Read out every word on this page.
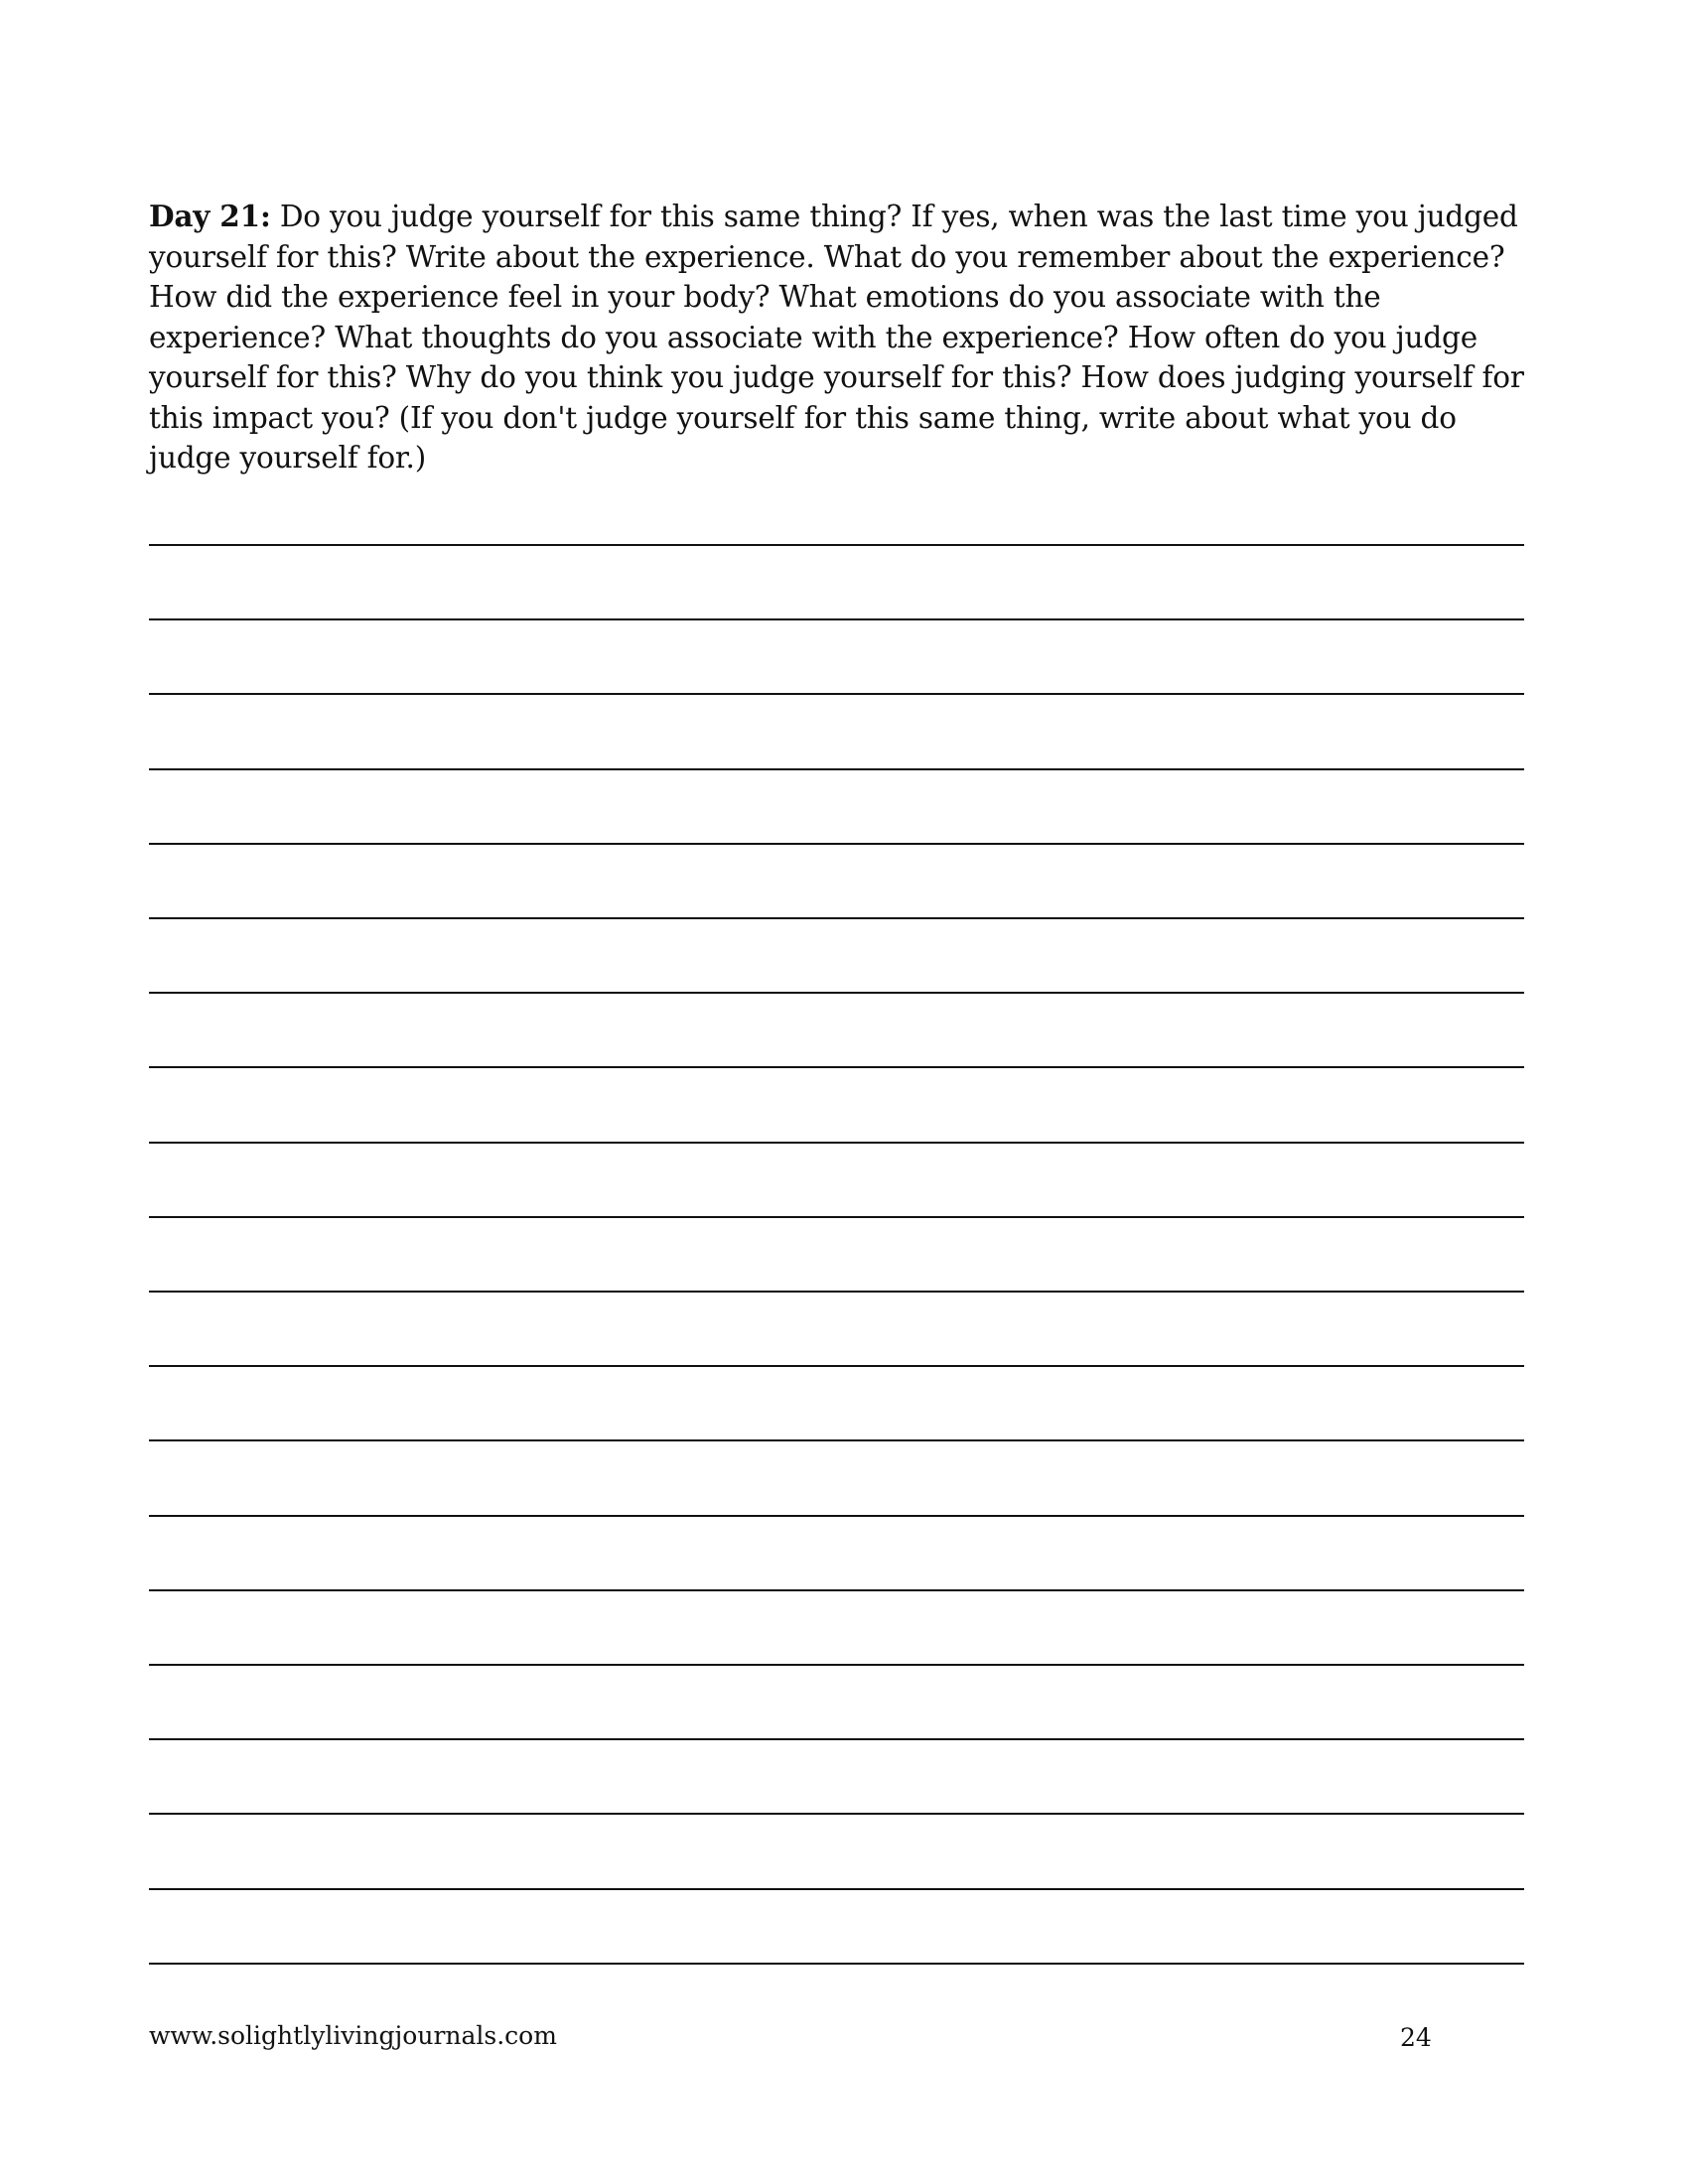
Day 21: Do you judge yourself for this same thing? If yes, when was the last time you judged yourself for this? Write about the experience. What do you remember about the experience? How did the experience feel in your body? What emotions do you associate with the experience? What thoughts do you associate with the experience? How often do you judge yourself for this? Why do you think you judge yourself for this? How does judging yourself for this impact you? (If you don't judge yourself for this same thing, write about what you do judge yourself for.)

www.solightlylivingjournals.com	24
